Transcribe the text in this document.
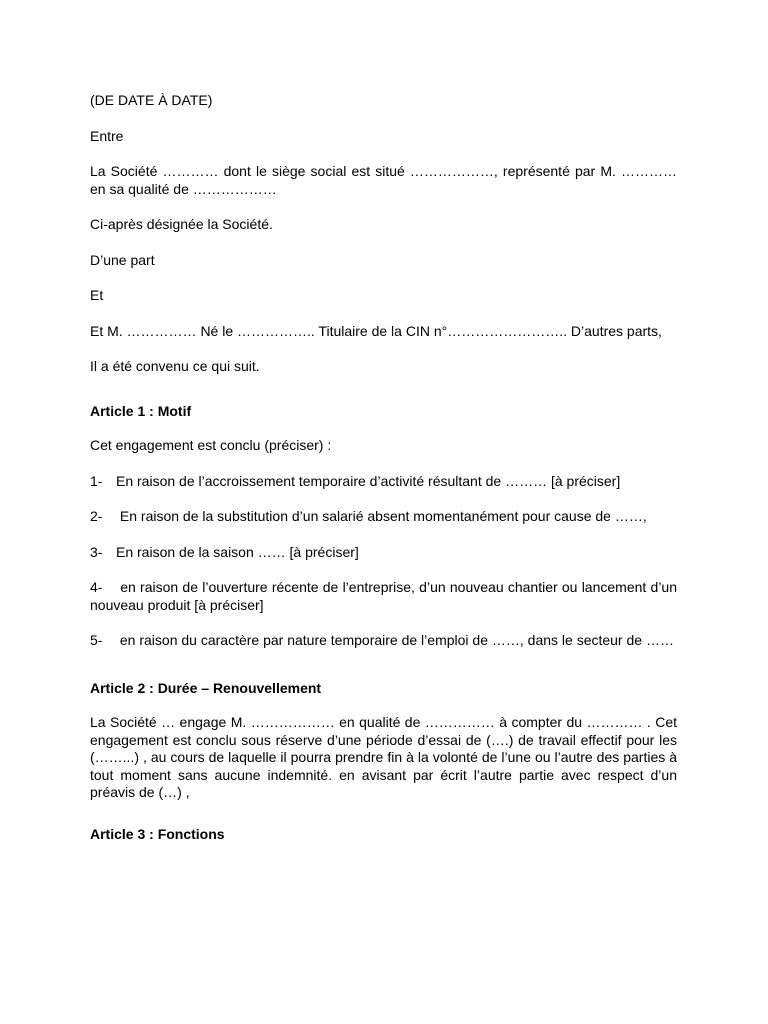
(DE DATE À DATE)

Entre

La Société ………… dont le siège social est situé ………………, représenté par M. ………… en sa qualité de ………………

Ci-après désignée la Société.

D’une part

Et

Et M. …………… Né le …………….. Titulaire de la CIN n°…………………….. D’autres parts,

Il a été convenu ce qui suit.

Article 1 : Motif

Cet engagement est conclu (préciser) :

1- En raison de l’accroissement temporaire d’activité résultant de ……… [à préciser]

2- En raison de la substitution d’un salarié absent momentanément pour cause de ……,

3- En raison de la saison …… [à préciser]

4- en raison de l’ouverture récente de l’entreprise, d’un nouveau chantier ou lancement d’un nouveau produit [à préciser]

5- en raison du caractère par nature temporaire de l’emploi de ……, dans le secteur de ……

Article 2 : Durée – Renouvellement

La Société … engage M. ……………… en qualité de …………… à compter du ………… . Cet engagement est conclu sous réserve d’une période d’essai de (….) de travail effectif pour les (……...) , au cours de laquelle il pourra prendre fin à la volonté de l’une ou l’autre des parties à tout moment sans aucune indemnité. en avisant par écrit l’autre partie avec respect d’un préavis de (…) ,

Article 3 : Fonctions
